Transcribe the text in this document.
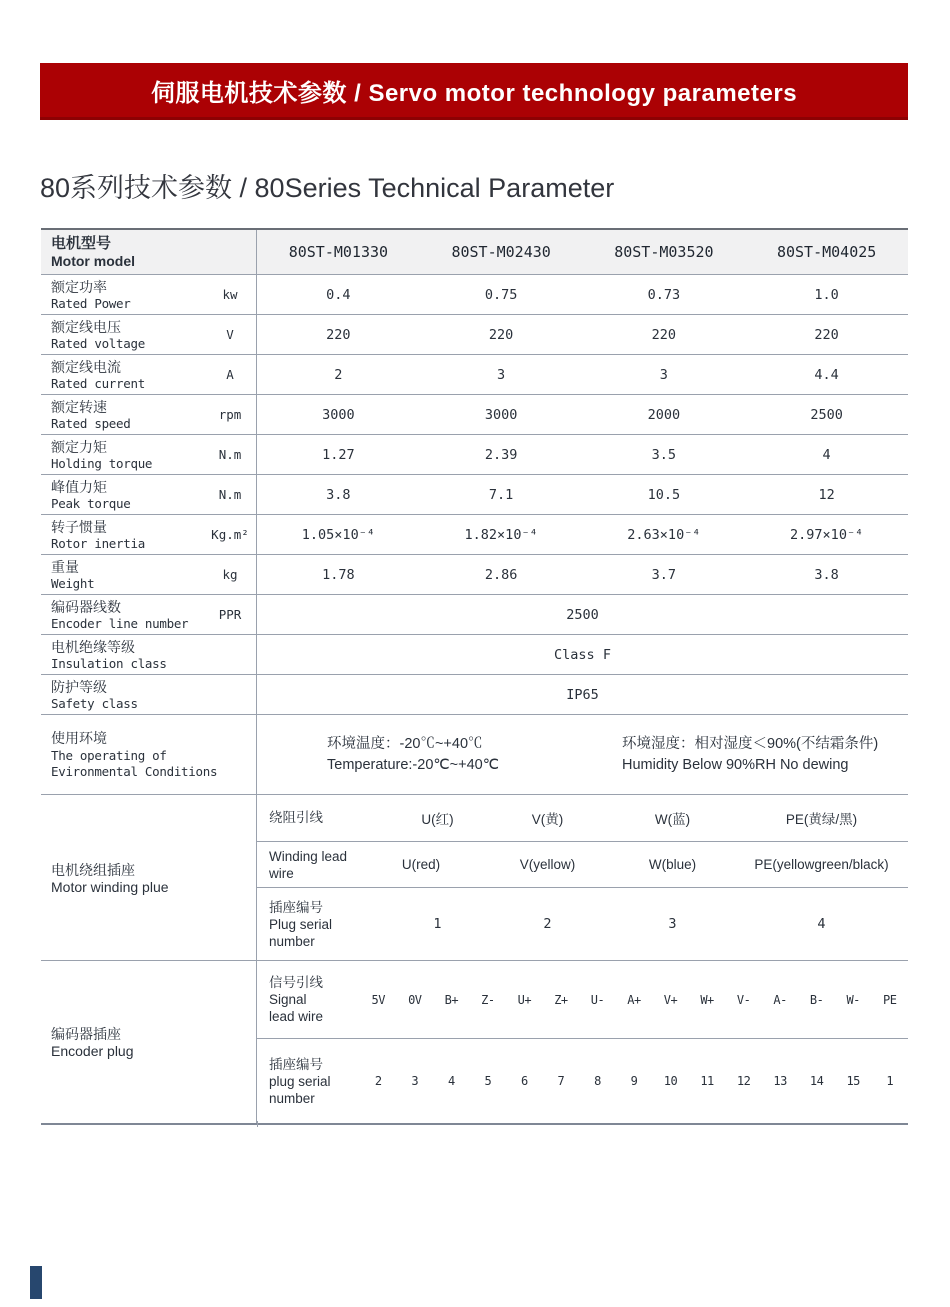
伺服电机技术参数 / Servo motor technology parameters
80系列技术参数 / 80Series Technical Parameter
电机型号
Motor model	80ST-M01330	80ST-M02430	80ST-M03520	80ST-M04025
额定功率
Rated Power
kw	0.4	0.75	0.73	1.0
额定线电压
Rated voltage
V	220	220	220	220
额定线电流
Rated current
A	2	3	3	4.4
额定转速
Rated speed
rpm	3000	3000	2000	2500
额定力矩
Holding torque
N.m	1.27	2.39	3.5	4
峰值力矩
Peak torque
N.m	3.8	7.1	10.5	12
转子惯量
Rotor inertia
Kg.m²	1.05×10⁻⁴	1.82×10⁻⁴	2.63×10⁻⁴	2.97×10⁻⁴
重量
Weight
kg	1.78	2.86	3.7	3.8
编码器线数
Encoder line number
PPR	2500
电机绝缘等级
Insulation class
Class F
防护等级
Safety class
IP65
使用环境
The operating of
Evironmental Conditions
环境温度：-20℃~+40℃
Temperature:-20℃~+40℃
环境湿度：相对湿度＜90%(不结霜条件)
Humidity Below 90%RH No dewing
电机绕组插座
Motor winding plue
绕阻引线	U(红)	V(黄)	W(蓝)	PE(黄绿/黑)
Winding lead wire
U(red)	V(yellow)	W(blue)	PE(yellowgreen/black)
插座编号
Plug serial number
1	2	3	4
编码器插座
Encoder plug
信号引线
Signal lead wire
5V	0V	B+	Z-	U+	Z+	U-	A+	V+	W+	V-	A-	B-	W-	PE
插座编号
plug serial number
2	3	4	5	6	7	8	9	10	11	12	13	14	15	1
